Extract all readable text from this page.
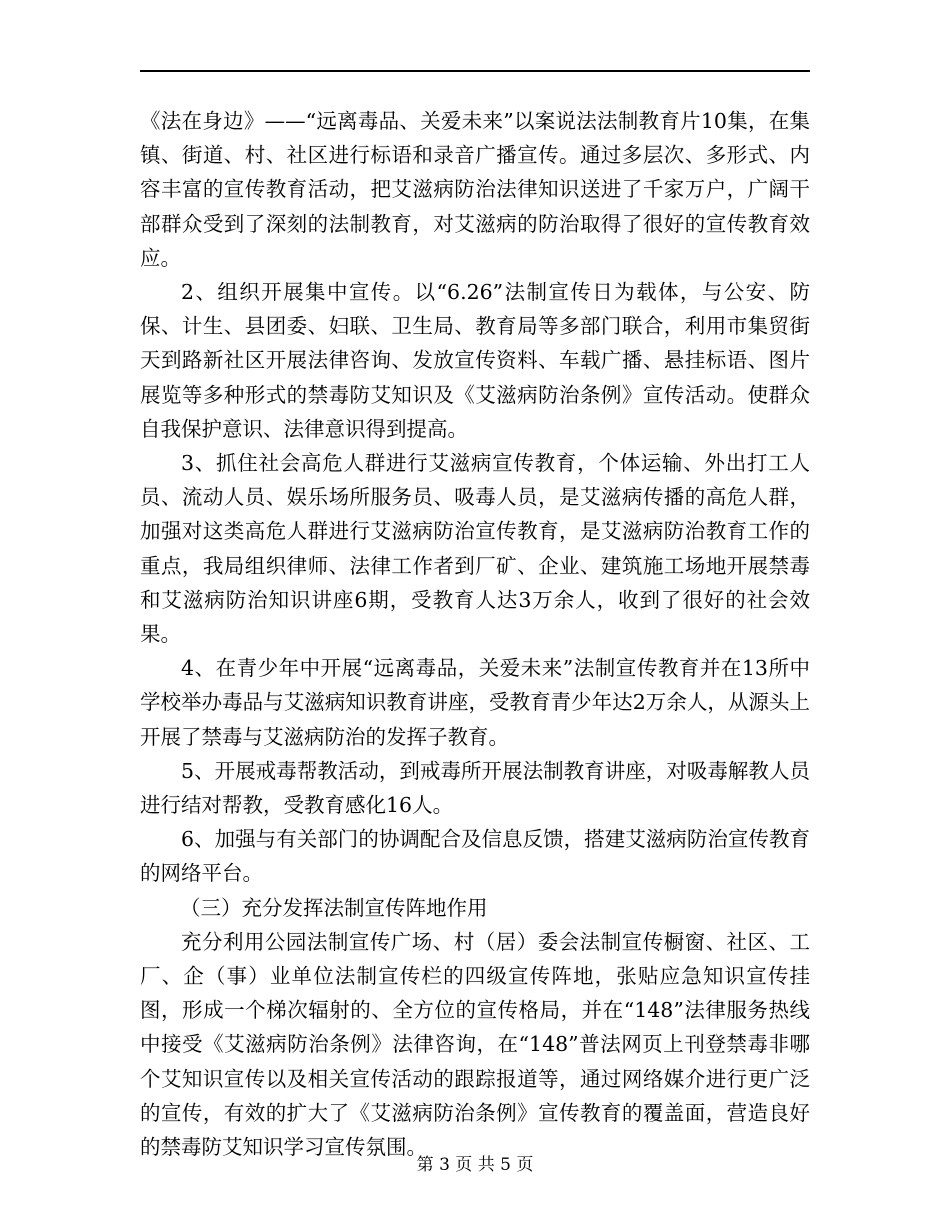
《法在身边》——“远离毒品、关爱未来”以案说法法制教育片10集，在集镇、街道、村、社区进行标语和录音广播宣传。通过多层次、多形式、内容丰富的宣传教育活动，把艾滋病防治法律知识送进了千家万户，广阔干部群众受到了深刻的法制教育，对艾滋病的防治取得了很好的宣传教育效应。

2、组织开展集中宣传。以“6.26”法制宣传日为载体，与公安、防保、计生、县团委、妇联、卫生局、教育局等多部门联合，利用市集贸街天到路新社区开展法律咨询、发放宣传资料、车载广播、悬挂标语、图片展览等多种形式的禁毒防艾知识及《艾滋病防治条例》宣传活动。使群众自我保护意识、法律意识得到提高。

3、抓住社会高危人群进行艾滋病宣传教育，个体运输、外出打工人员、流动人员、娱乐场所服务员、吸毒人员，是艾滋病传播的高危人群，加强对这类高危人群进行艾滋病防治宣传教育，是艾滋病防治教育工作的重点，我局组织律师、法律工作者到厂矿、企业、建筑施工场地开展禁毒和艾滋病防治知识讲座6期，受教育人达3万余人，收到了很好的社会效果。

4、在青少年中开展“远离毒品，关爱未来”法制宣传教育并在13所中学校举办毒品与艾滋病知识教育讲座，受教育青少年达2万余人，从源头上开展了禁毒与艾滋病防治的发挥子教育。

5、开展戒毒帮教活动，到戒毒所开展法制教育讲座，对吸毒解教人员进行结对帮教，受教育感化16人。

6、加强与有关部门的协调配合及信息反馈，搭建艾滋病防治宣传教育的网络平台。

（三）充分发挥法制宣传阵地作用

充分利用公园法制宣传广场、村（居）委会法制宣传橱窗、社区、工厂、企（事）业单位法制宣传栏的四级宣传阵地，张贴应急知识宣传挂图，形成一个梯次辐射的、全方位的宣传格局，并在“148”法律服务热线中接受《艾滋病防治条例》法律咨询，在“148”普法网页上刊登禁毒非哪个艾知识宣传以及相关宣传活动的跟踪报道等，通过网络媒介进行更广泛的宣传，有效的扩大了《艾滋病防治条例》宣传教育的覆盖面，营造良好的禁毒防艾知识学习宣传氛围。

第 3 页 共 5 页
